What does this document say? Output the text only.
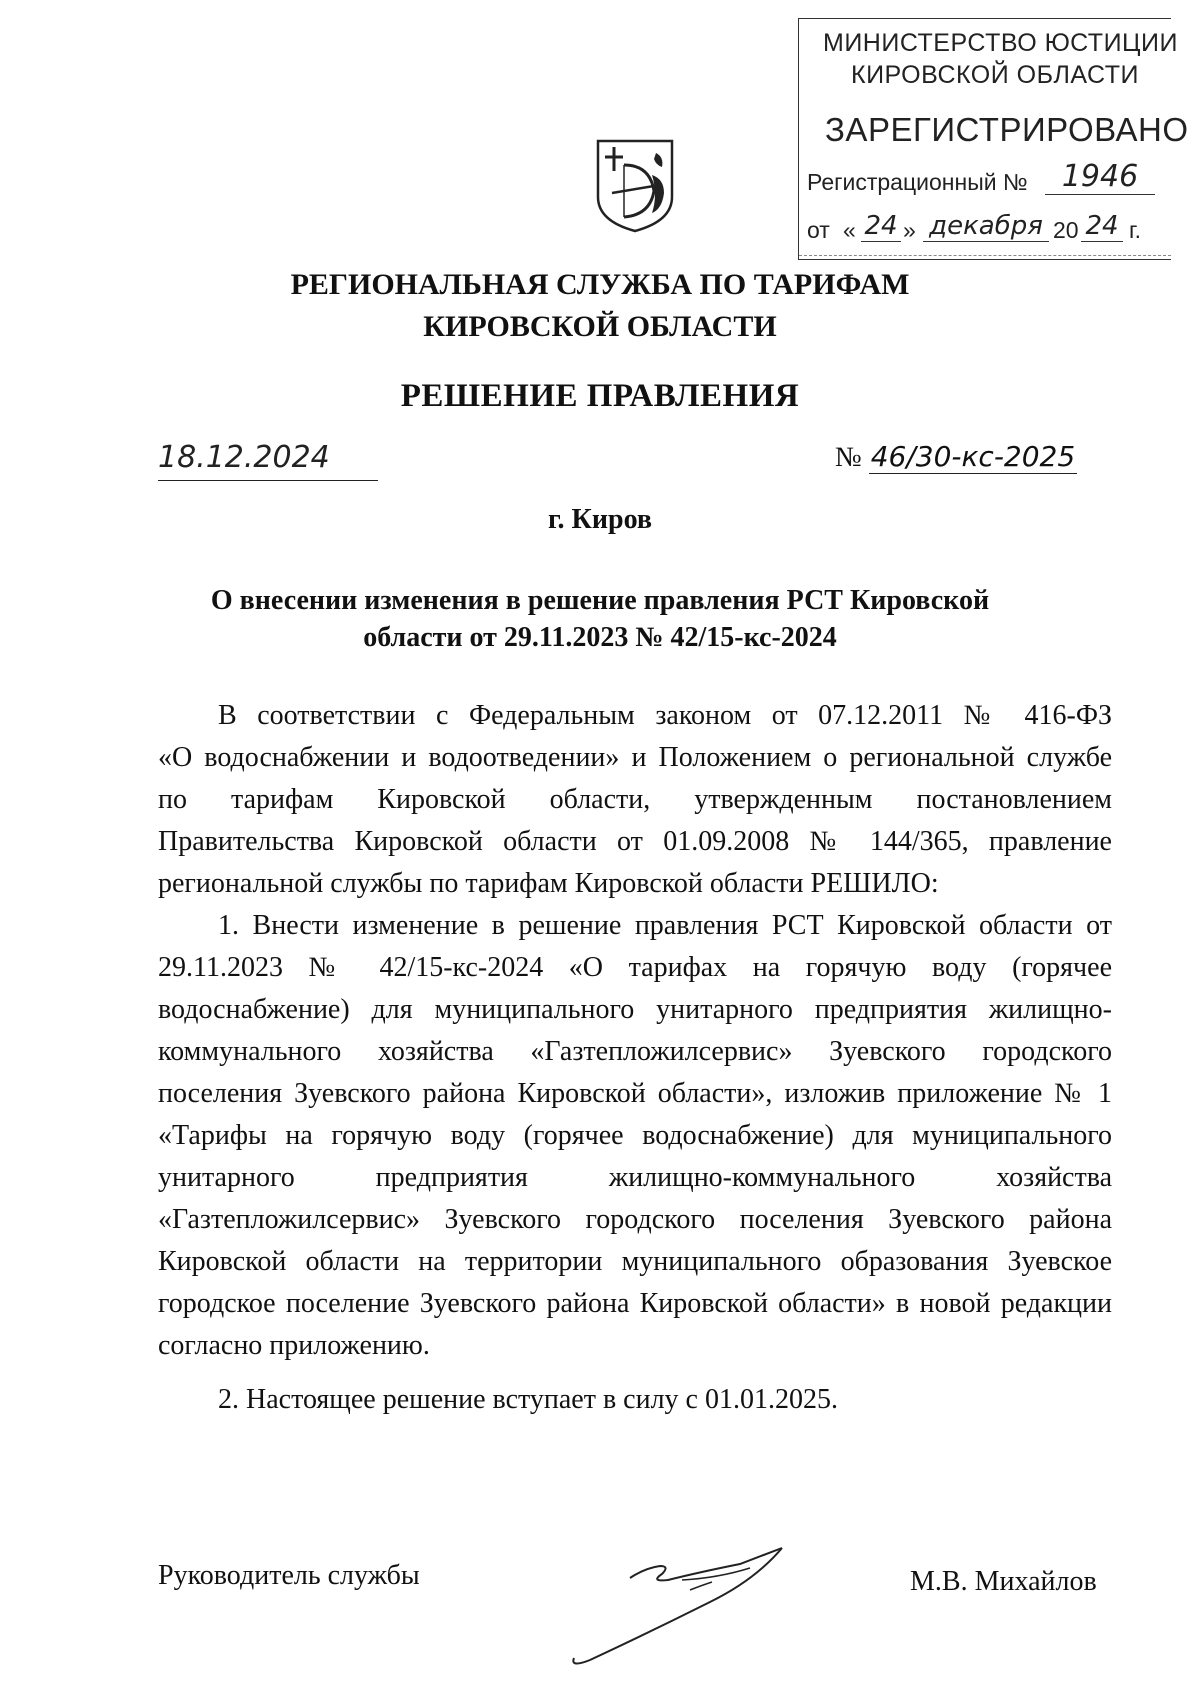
МИНИСТЕРСТВО ЮСТИЦИИ
КИРОВСКОЙ ОБЛАСТИ
ЗАРЕГИСТРИРОВАНО
Регистрационный №	1946
от « 24 » декабря 20 24 г.
РЕГИОНАЛЬНАЯ СЛУЖБА ПО ТАРИФАМ
КИРОВСКОЙ ОБЛАСТИ
РЕШЕНИЕ ПРАВЛЕНИЯ
18.12.2024	№ 46/30-кс-2025
г. Киров
О внесении изменения в решение правления РСТ Кировской
области от 29.11.2023 № 42/15-кс-2024
В соответствии с Федеральным законом от 07.12.2011 № 416-ФЗ
«О водоснабжении и водоотведении» и Положением о региональной службе
по тарифам Кировской области, утвержденным постановлением
Правительства Кировской области от 01.09.2008 № 144/365, правление
региональной службы по тарифам Кировской области РЕШИЛО:
1. Внести изменение в решение правления РСТ Кировской области от
29.11.2023 № 42/15-кс-2024 «О тарифах на горячую воду (горячее
водоснабжение) для муниципального унитарного предприятия жилищно-
коммунального хозяйства «Газтепложилсервис» Зуевского городского
поселения Зуевского района Кировской области», изложив приложение № 1
«Тарифы на горячую воду (горячее водоснабжение) для муниципального
унитарного предприятия жилищно-коммунального хозяйства
«Газтепложилсервис» Зуевского городского поселения Зуевского района
Кировской области на территории муниципального образования Зуевское
городское поселение Зуевского района Кировской области» в новой редакции
согласно приложению.
2. Настоящее решение вступает в силу с 01.01.2025.
Руководитель службы	М.В. Михайлов
